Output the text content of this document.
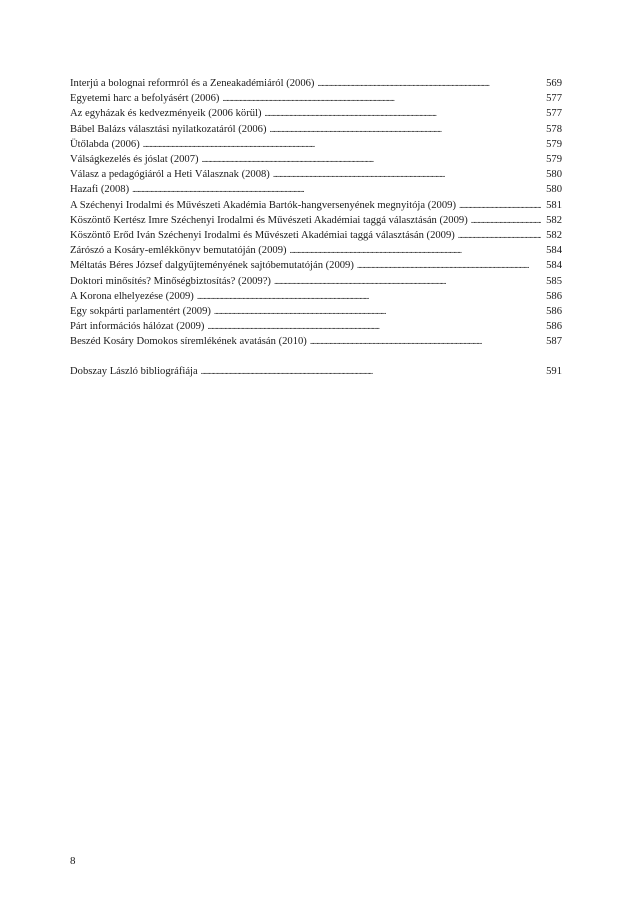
Interjú a bolognai reformról és a Zeneakadémiáról (2006) . . .	569
Egyetemi harc a befolyásért (2006) . . .	577
Az egyházak és kedvezményeik (2006 körül) . . .	577
Bábel Balázs választási nyilatkozatáról (2006) . . .	578
Ütőlabda (2006) . . .	579
Válságkezelés és jóslat (2007) . . .	579
Válasz a pedagógiáról a Heti Válasznak (2008) . . .	580
Hazafi (2008) . . .	580
A Széchenyi Irodalmi és Művészeti Akadémia Bartók-hangversenyének megnyitója (2009) . . .	581
Köszöntő Kertész Imre Széchenyi Irodalmi és Művészeti Akadémiai taggá választásán (2009) . . .	582
Köszöntő Erőd Iván Széchenyi Irodalmi és Művészeti Akadémiai taggá választásán (2009) . . .	582
Zárószó a Kosáry-emlékkönyv bemutatóján (2009) . . .	584
Méltatás Béres József dalgyűjteményének sajtóbemutatóján (2009) . . .	584
Doktori minősítés? Minőségbiztosítás? (2009?) . . .	585
A Korona elhelyezése (2009) . . .	586
Egy sokpárti parlamentért (2009) . . .	586
Párt információs hálózat (2009) . . .	586
Beszéd Kosáry Domokos síremlékének avatásán (2010) . . .	587
Dobszay László bibliográfiája . . .	591
8
